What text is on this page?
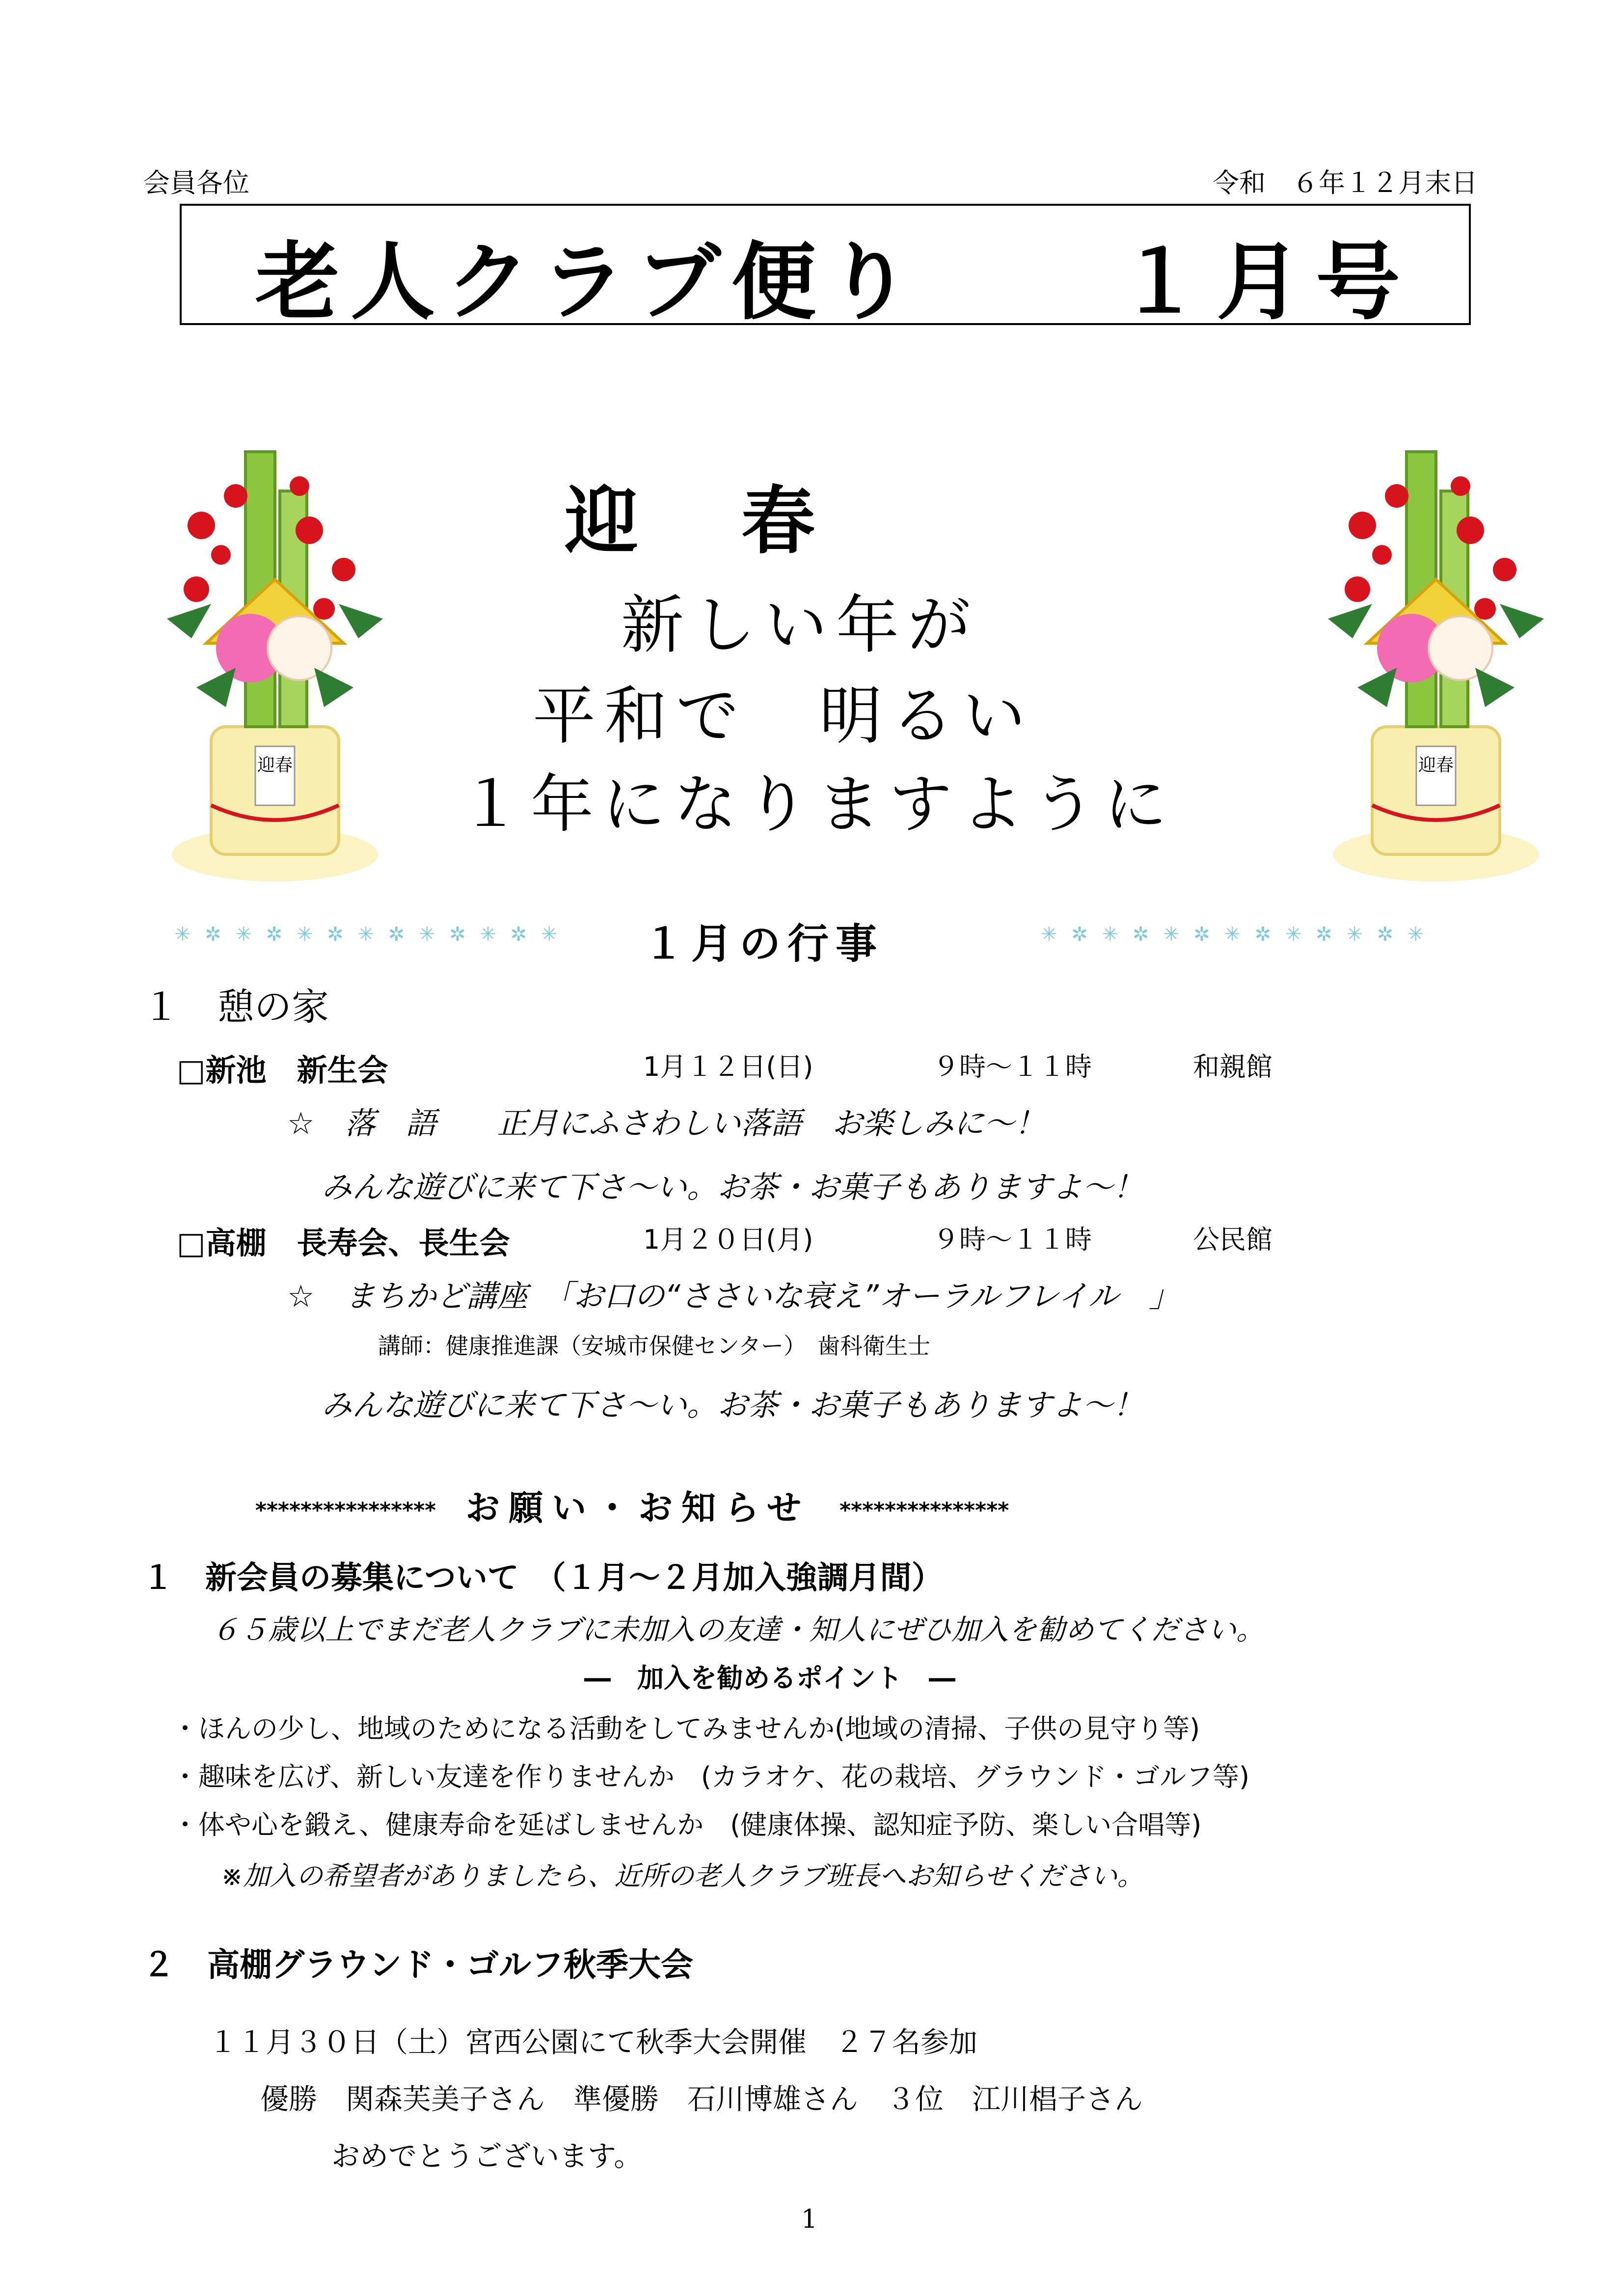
会員各位	令和　６年１２月末日
老人クラブ便り １月号
迎春
新しい年が
平和で　明るい
１年になりますように
迎春	迎春
✳ ✲ ✳ ✲ ✳ ✲ ✳ ✲ ✳ ✲ ✳ ✲ ✳ １月の行事	✳ ✲ ✳ ✲ ✳ ✲ ✳ ✲ ✳ ✲ ✳ ✲ ✳
１　憩の家
□新池　新生会	1月１２日(日)	９時～１１時	和親館
☆　落　語　　正月にふさわしい落語　お楽しみに～！
みんな遊びに来て下さ～い。お茶・お菓子もありますよ～！
□高棚　長寿会、長生会	1月２０日(月)	９時～１１時	公民館
☆　まちかど講座　「お口の“ささいな衰え”オーラルフレイル　」
講師：健康推進課（安城市保健センター）　歯科衛生士
みんな遊びに来て下さ～い。お茶・お菓子もありますよ～！
**************** お願い・お知らせ ***************
１　新会員の募集について　（１月～２月加入強調月間）
６５歳以上でまだ老人クラブに未加入の友達・知人にぜひ加入を勧めてください。
―　加入を勧めるポイント　―
・ほんの少し、地域のためになる活動をしてみませんか(地域の清掃、子供の見守り等)
・趣味を広げ、新しい友達を作りませんか　(カラオケ、花の栽培、グラウンド・ゴルフ等)
・体や心を鍛え、健康寿命を延ばしませんか　(健康体操、認知症予防、楽しい合唱等)
※加入の希望者がありましたら、近所の老人クラブ班長へお知らせください。
２　高棚グラウンド・ゴルフ秋季大会
１１月３０日（土）宮西公園にて秋季大会開催　２７名参加
優勝　関森芙美子さん　準優勝　石川博雄さん　３位　江川椙子さん
おめでとうございます。
1
